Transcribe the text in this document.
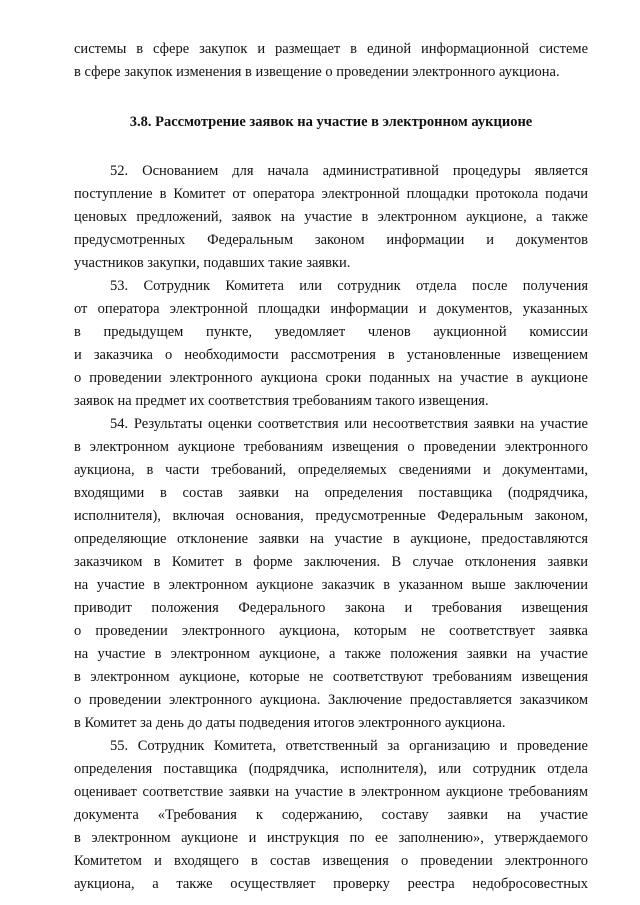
системы в сфере закупок и размещает в единой информационной системе
в сфере закупок изменения в извещение о проведении электронного аукциона.
3.8. Рассмотрение заявок на участие в электронном аукционе
52. Основанием для начала административной процедуры является
поступление в Комитет от оператора электронной площадки протокола подачи
ценовых предложений, заявок на участие в электронном аукционе, а также
предусмотренных Федеральным законом информации и документов
участников закупки, подавших такие заявки.
53. Сотрудник Комитета или сотрудник отдела после получения
от оператора электронной площадки информации и документов, указанных
в предыдущем пункте, уведомляет членов аукционной комиссии
и заказчика о необходимости рассмотрения в установленные извещением
о проведении электронного аукциона сроки поданных на участие в аукционе
заявок на предмет их соответствия требованиям такого извещения.
54. Результаты оценки соответствия или несоответствия заявки на участие
в электронном аукционе требованиям извещения о проведении электронного
аукциона, в части требований, определяемых сведениями и документами,
входящими в состав заявки на определения поставщика (подрядчика,
исполнителя), включая основания, предусмотренные Федеральным законом,
определяющие отклонение заявки на участие в аукционе, предоставляются
заказчиком в Комитет в форме заключения. В случае отклонения заявки
на участие в электронном аукционе заказчик в указанном выше заключении
приводит положения Федерального закона и требования извещения
о проведении электронного аукциона, которым не соответствует заявка
на участие в электронном аукционе, а также положения заявки на участие
в электронном аукционе, которые не соответствуют требованиям извещения
о проведении электронного аукциона. Заключение предоставляется заказчиком
в Комитет за день до даты подведения итогов электронного аукциона.
55. Сотрудник Комитета, ответственный за организацию и проведение
определения поставщика (подрядчика, исполнителя), или сотрудник отдела
оценивает соответствие заявки на участие в электронном аукционе требованиям
документа «Требования к содержанию, составу заявки на участие
в электронном аукционе и инструкция по ее заполнению», утверждаемого
Комитетом и входящего в состав извещения о проведении электронного
аукциона, а также осуществляет проверку реестра недобросовестных
